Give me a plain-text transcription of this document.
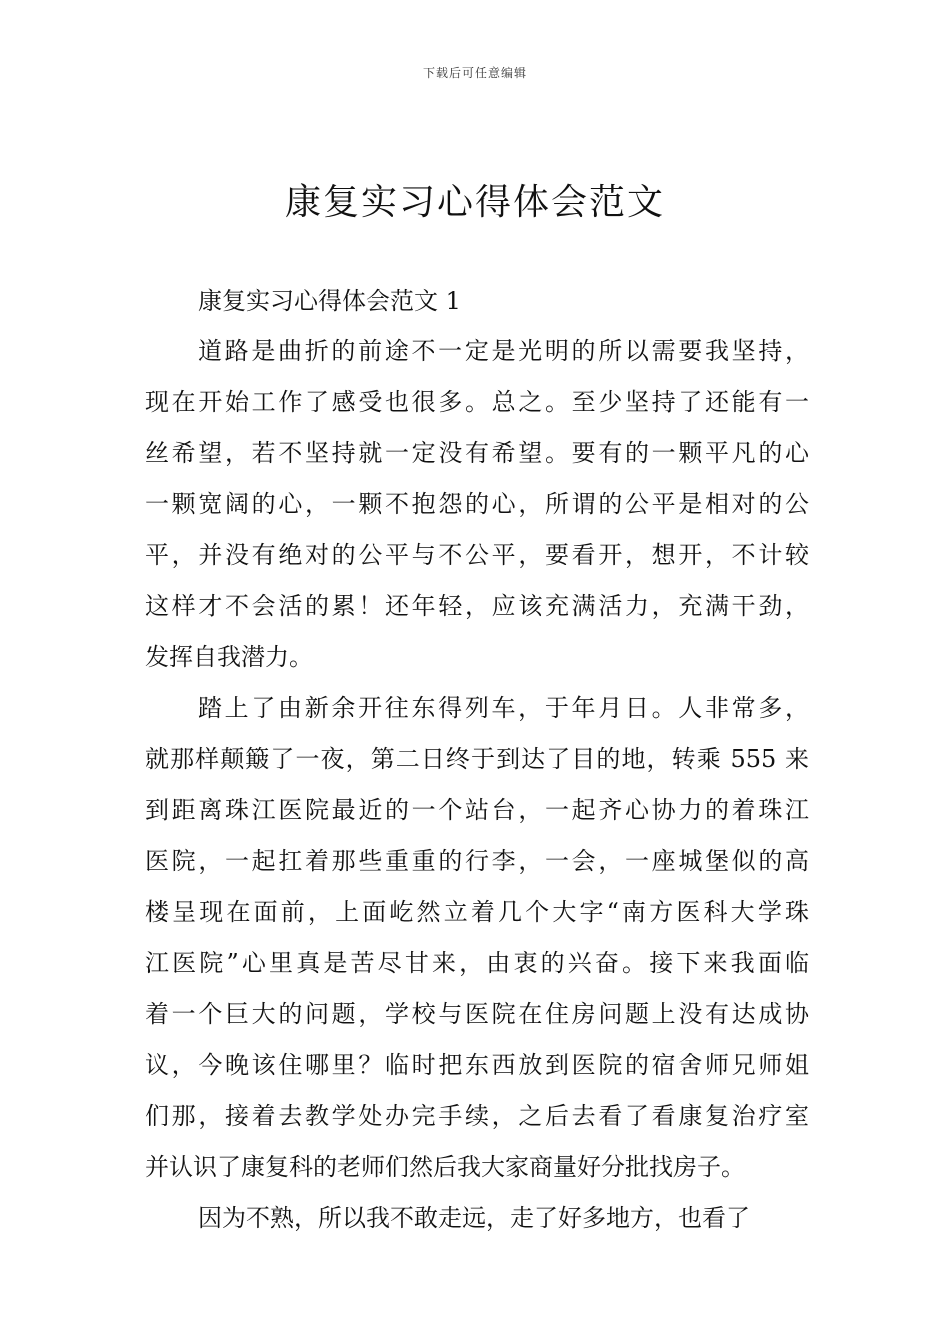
下载后可任意编辑
康复实习心得体会范文

康复实习心得体会范文 1

道路是曲折的前途不一定是光明的所以需要我坚持，
现在开始工作了感受也很多。总之。至少坚持了还能有一
丝希望，若不坚持就一定没有希望。要有的一颗平凡的心
一颗宽阔的心，一颗不抱怨的心，所谓的公平是相对的公
平，并没有绝对的公平与不公平，要看开，想开，不计较
这样才不会活的累！还年轻，应该充满活力，充满干劲，
发挥自我潜力。
踏上了由新余开往东得列车，于年月日。人非常多，
就那样颠簸了一夜，第二日终于到达了目的地，转乘 555 来
到距离珠江医院最近的一个站台，一起齐心协力的着珠江
医院，一起扛着那些重重的行李，一会，一座城堡似的高
楼呈现在面前，上面屹然立着几个大字“南方医科大学珠
江医院”心里真是苦尽甘来，由衷的兴奋。接下来我面临
着一个巨大的问题，学校与医院在住房问题上没有达成协
议，今晚该住哪里？临时把东西放到医院的宿舍师兄师姐
们那，接着去教学处办完手续，之后去看了看康复治疗室
并认识了康复科的老师们然后我大家商量好分批找房子。
因为不熟，所以我不敢走远，走了好多地方，也看了
